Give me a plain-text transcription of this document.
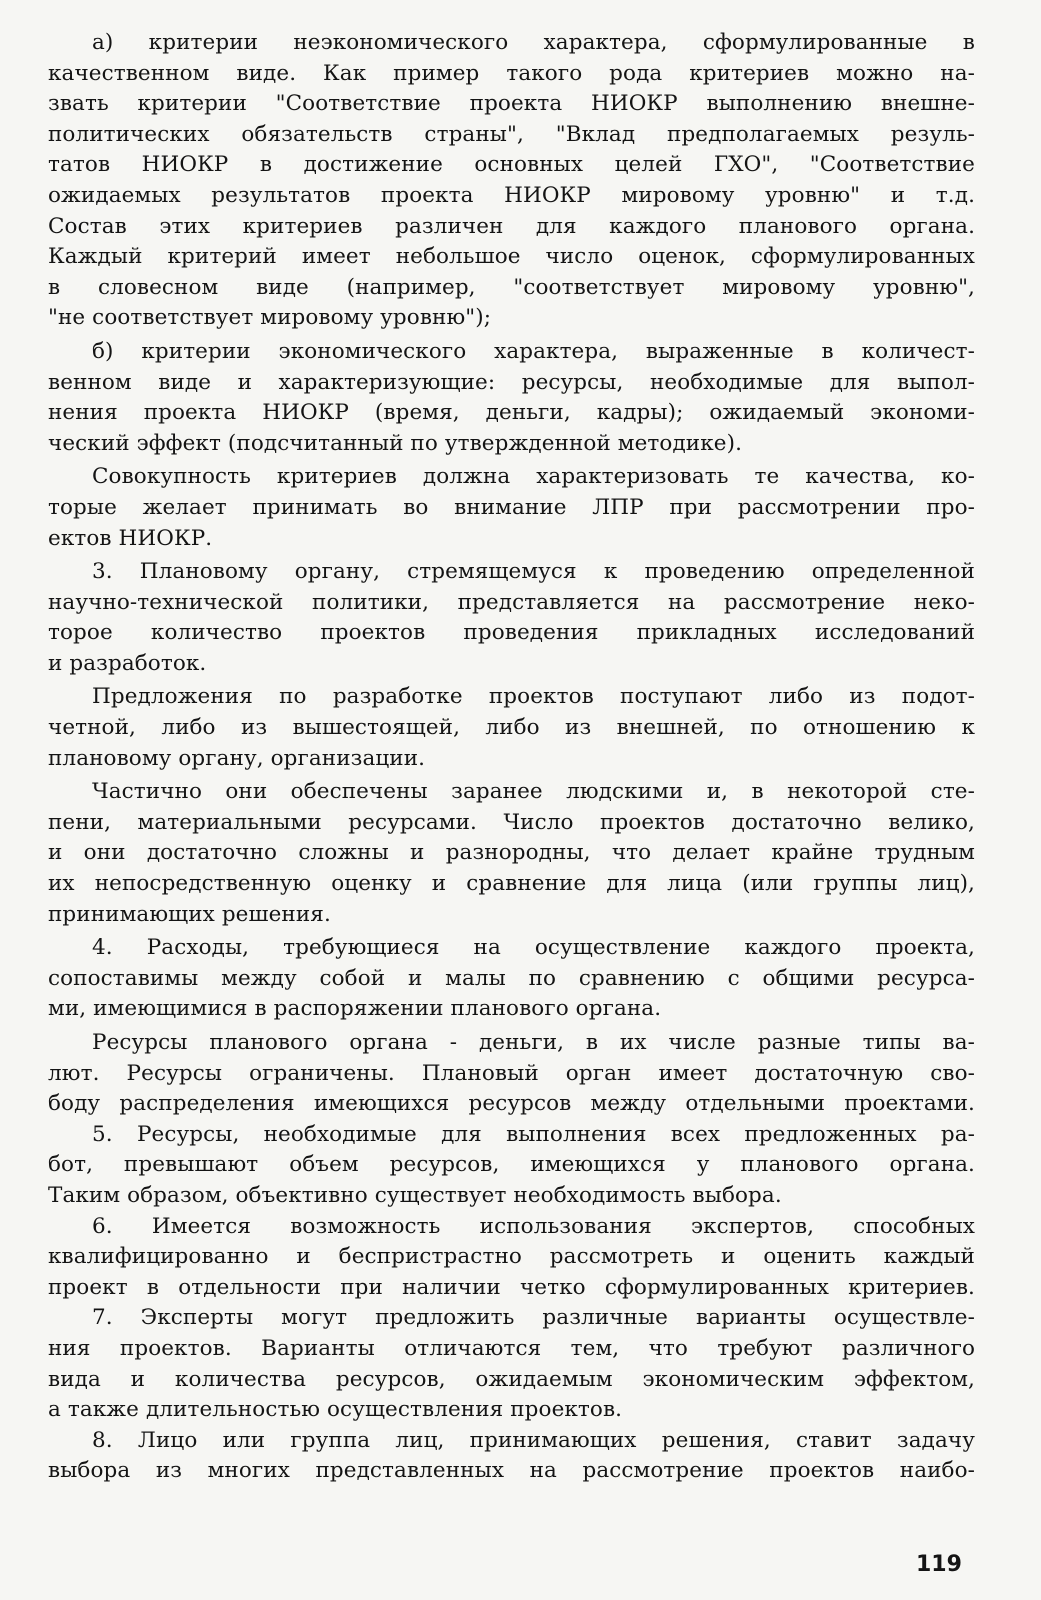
а) критерии неэкономического характера, сформулированные в
качественном виде. Как пример такого рода критериев можно на-
звать критерии "Соответствие проекта НИОКР выполнению внешне-
политических обязательств страны", "Вклад предполагаемых резуль-
татов НИОКР в достижение основных целей ГХО", "Соответствие
ожидаемых результатов проекта НИОКР мировому уровню" и т.д.
Состав этих критериев различен для каждого планового органа.
Каждый критерий имеет небольшое число оценок, сформулированных
в словесном виде (например, "соответствует мировому уровню",
"не соответствует мировому уровню");
б) критерии экономического характера, выраженные в количест-
венном виде и характеризующие: ресурсы, необходимые для выпол-
нения проекта НИОКР (время, деньги, кадры); ожидаемый экономи-
ческий эффект (подсчитанный по утвержденной методике).
Совокупность критериев должна характеризовать те качества, ко-
торые желает принимать во внимание ЛПР при рассмотрении про-
ектов НИОКР.
3. Плановому органу, стремящемуся к проведению определенной
научно-технической политики, представляется на рассмотрение неко-
торое количество проектов проведения прикладных исследований
и разработок.
Предложения по разработке проектов поступают либо из подот-
четной, либо из вышестоящей, либо из внешней, по отношению к
плановому органу, организации.
Частично они обеспечены заранее людскими и, в некоторой сте-
пени, материальными ресурсами. Число проектов достаточно велико,
и они достаточно сложны и разнородны, что делает крайне трудным
их непосредственную оценку и сравнение для лица (или группы лиц),
принимающих решения.
4. Расходы, требующиеся на осуществление каждого проекта,
сопоставимы между собой и малы по сравнению с общими ресурса-
ми, имеющимися в распоряжении планового органа.
Ресурсы планового органа - деньги, в их числе разные типы ва-
лют. Ресурсы ограничены. Плановый орган имеет достаточную сво-
боду распределения имеющихся ресурсов между отдельными проектами.
5. Ресурсы, необходимые для выполнения всех предложенных ра-
бот, превышают объем ресурсов, имеющихся у планового органа.
Таким образом, объективно существует необходимость выбора.
6. Имеется возможность использования экспертов, способных
квалифицированно и беспристрастно рассмотреть и оценить каждый
проект в отдельности при наличии четко сформулированных критериев.
7. Эксперты могут предложить различные варианты осуществле-
ния проектов. Варианты отличаются тем, что требуют различного
вида и количества ресурсов, ожидаемым экономическим эффектом,
а также длительностью осуществления проектов.
8. Лицо или группа лиц, принимающих решения, ставит задачу
выбора из многих представленных на рассмотрение проектов наибо-
119
